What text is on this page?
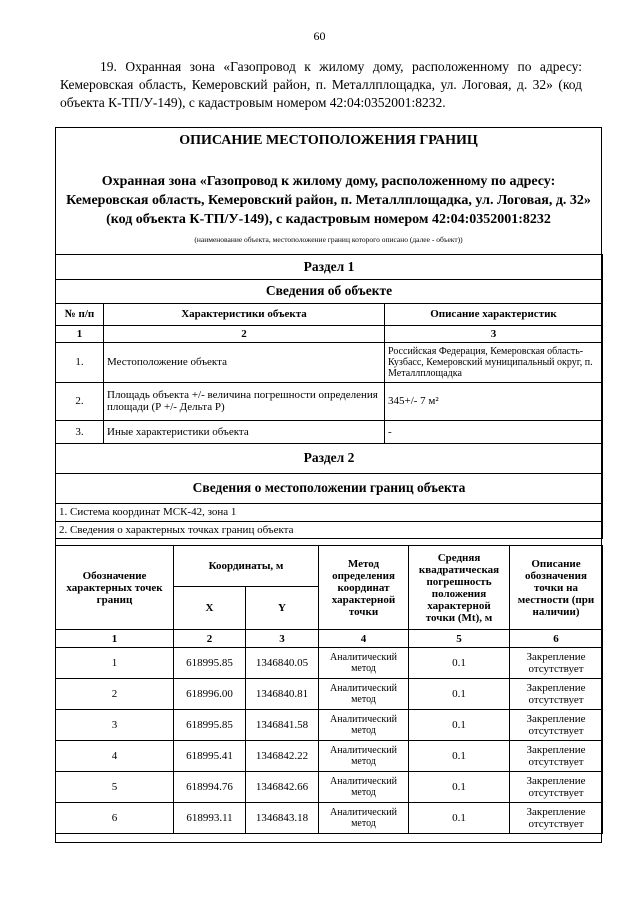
60
19. Охранная зона «Газопровод к жилому дому, расположенному по адресу: Кемеровская область, Кемеровский район, п. Металлплощадка, ул. Логовая, д. 32» (код объекта К-ТП/У-149), с кадастровым номером 42:04:0352001:8232.
ОПИСАНИЕ МЕСТОПОЛОЖЕНИЯ ГРАНИЦ
Охранная зона «Газопровод к жилому дому, расположенному по адресу: Кемеровская область, Кемеровский район, п. Металлплощадка, ул. Логовая, д. 32» (код объекта К-ТП/У-149), с кадастровым номером 42:04:0352001:8232
(наименование объекта, местоположение границ которого описано (далее - объект))

Раздел 1		
Сведения об объекте		
№ п/п	Характеристики объекта	Описание характеристик
1	2	3
1.	Местоположение объекта	Российская Федерация, Кемеровская область-Кузбасс, Кемеровский муниципальный округ, п. Металлплощадка
2.	Площадь объекта +/- величина погрешности определения площади (Р +/- Дельта Р)	345+/- 7 м²
3.	Иные характеристики объекта	-
Раздел 2		
Сведения о местоположении границ объекта		
1. Система координат МСК-42, зона 1		
2. Сведения о характерных точках границ объекта		
Обозначение характерных точек границ	Координаты, м		Метод определения координат характерной точки	Средняя квадратическая погрешность положения характерной точки (Mt), м	Описание обозначения точки на местности (при наличии)
	X	Y			
1	2	3	4	5	6
1	618995.85	1346840.05	Аналитический метод	0.1	Закрепление отсутствует
2	618996.00	1346840.81	Аналитический метод	0.1	Закрепление отсутствует
3	618995.85	1346841.58	Аналитический метод	0.1	Закрепление отсутствует
4	618995.41	1346842.22	Аналитический метод	0.1	Закрепление отсутствует
5	618994.76	1346842.66	Аналитический метод	0.1	Закрепление отсутствует
6	618993.11	1346843.18	Аналитический метод	0.1	Закрепление отсутствует
